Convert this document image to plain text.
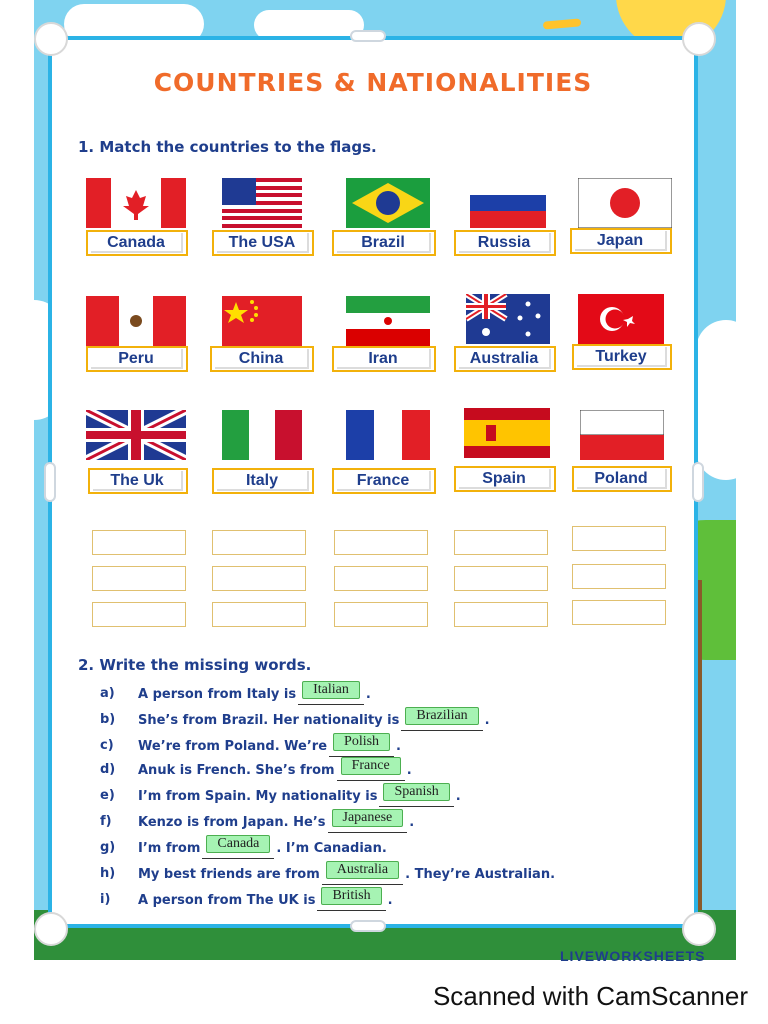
COUNTRIES & NATIONALITIES
1. Match the countries to the flags.
Canada	The USA	Brazil	Russia	Japan
Peru	China	Iran	Australia	Turkey
The Uk	Italy	France	Spain	Poland
2. Write the missing words.
a)	A person from Italy is Italian .
b)	She’s from Brazil. Her nationality is Brazilian .
c)	We’re from Poland. We’re Polish .
d)	Anuk is French. She’s from France .
e)	I’m from Spain. My nationality is Spanish .
f)	Kenzo is from Japan. He’s Japanese .
g)	I’m from Canada . I’m Canadian.
h)	My best friends are from Australia . They’re Australian.
i)	A person from The UK is British .
LIVEWORKSHEETS
Scanned with CamScanner
